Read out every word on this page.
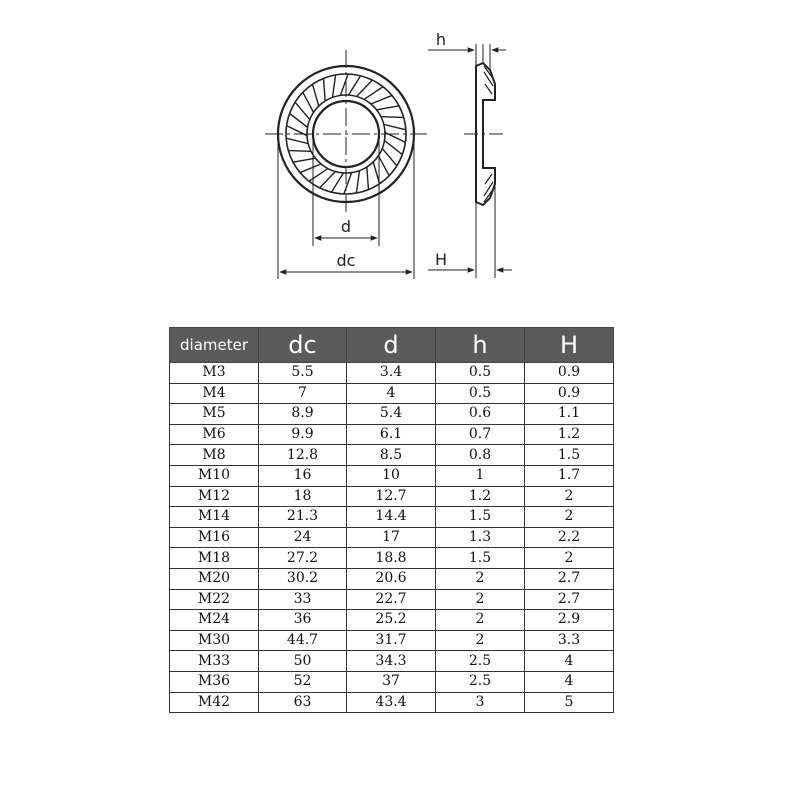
d
dc
h
H
diameter	dc	d	h	H
M3	5.5	3.4	0.5	0.9
M4	7	4	0.5	0.9
M5	8.9	5.4	0.6	1.1
M6	9.9	6.1	0.7	1.2
M8	12.8	8.5	0.8	1.5
M10	16	10	1	1.7
M12	18	12.7	1.2	2
M14	21.3	14.4	1.5	2
M16	24	17	1.3	2.2
M18	27.2	18.8	1.5	2
M20	30.2	20.6	2	2.7
M22	33	22.7	2	2.7
M24	36	25.2	2	2.9
M30	44.7	31.7	2	3.3
M33	50	34.3	2.5	4
M36	52	37	2.5	4
M42	63	43.4	3	5
